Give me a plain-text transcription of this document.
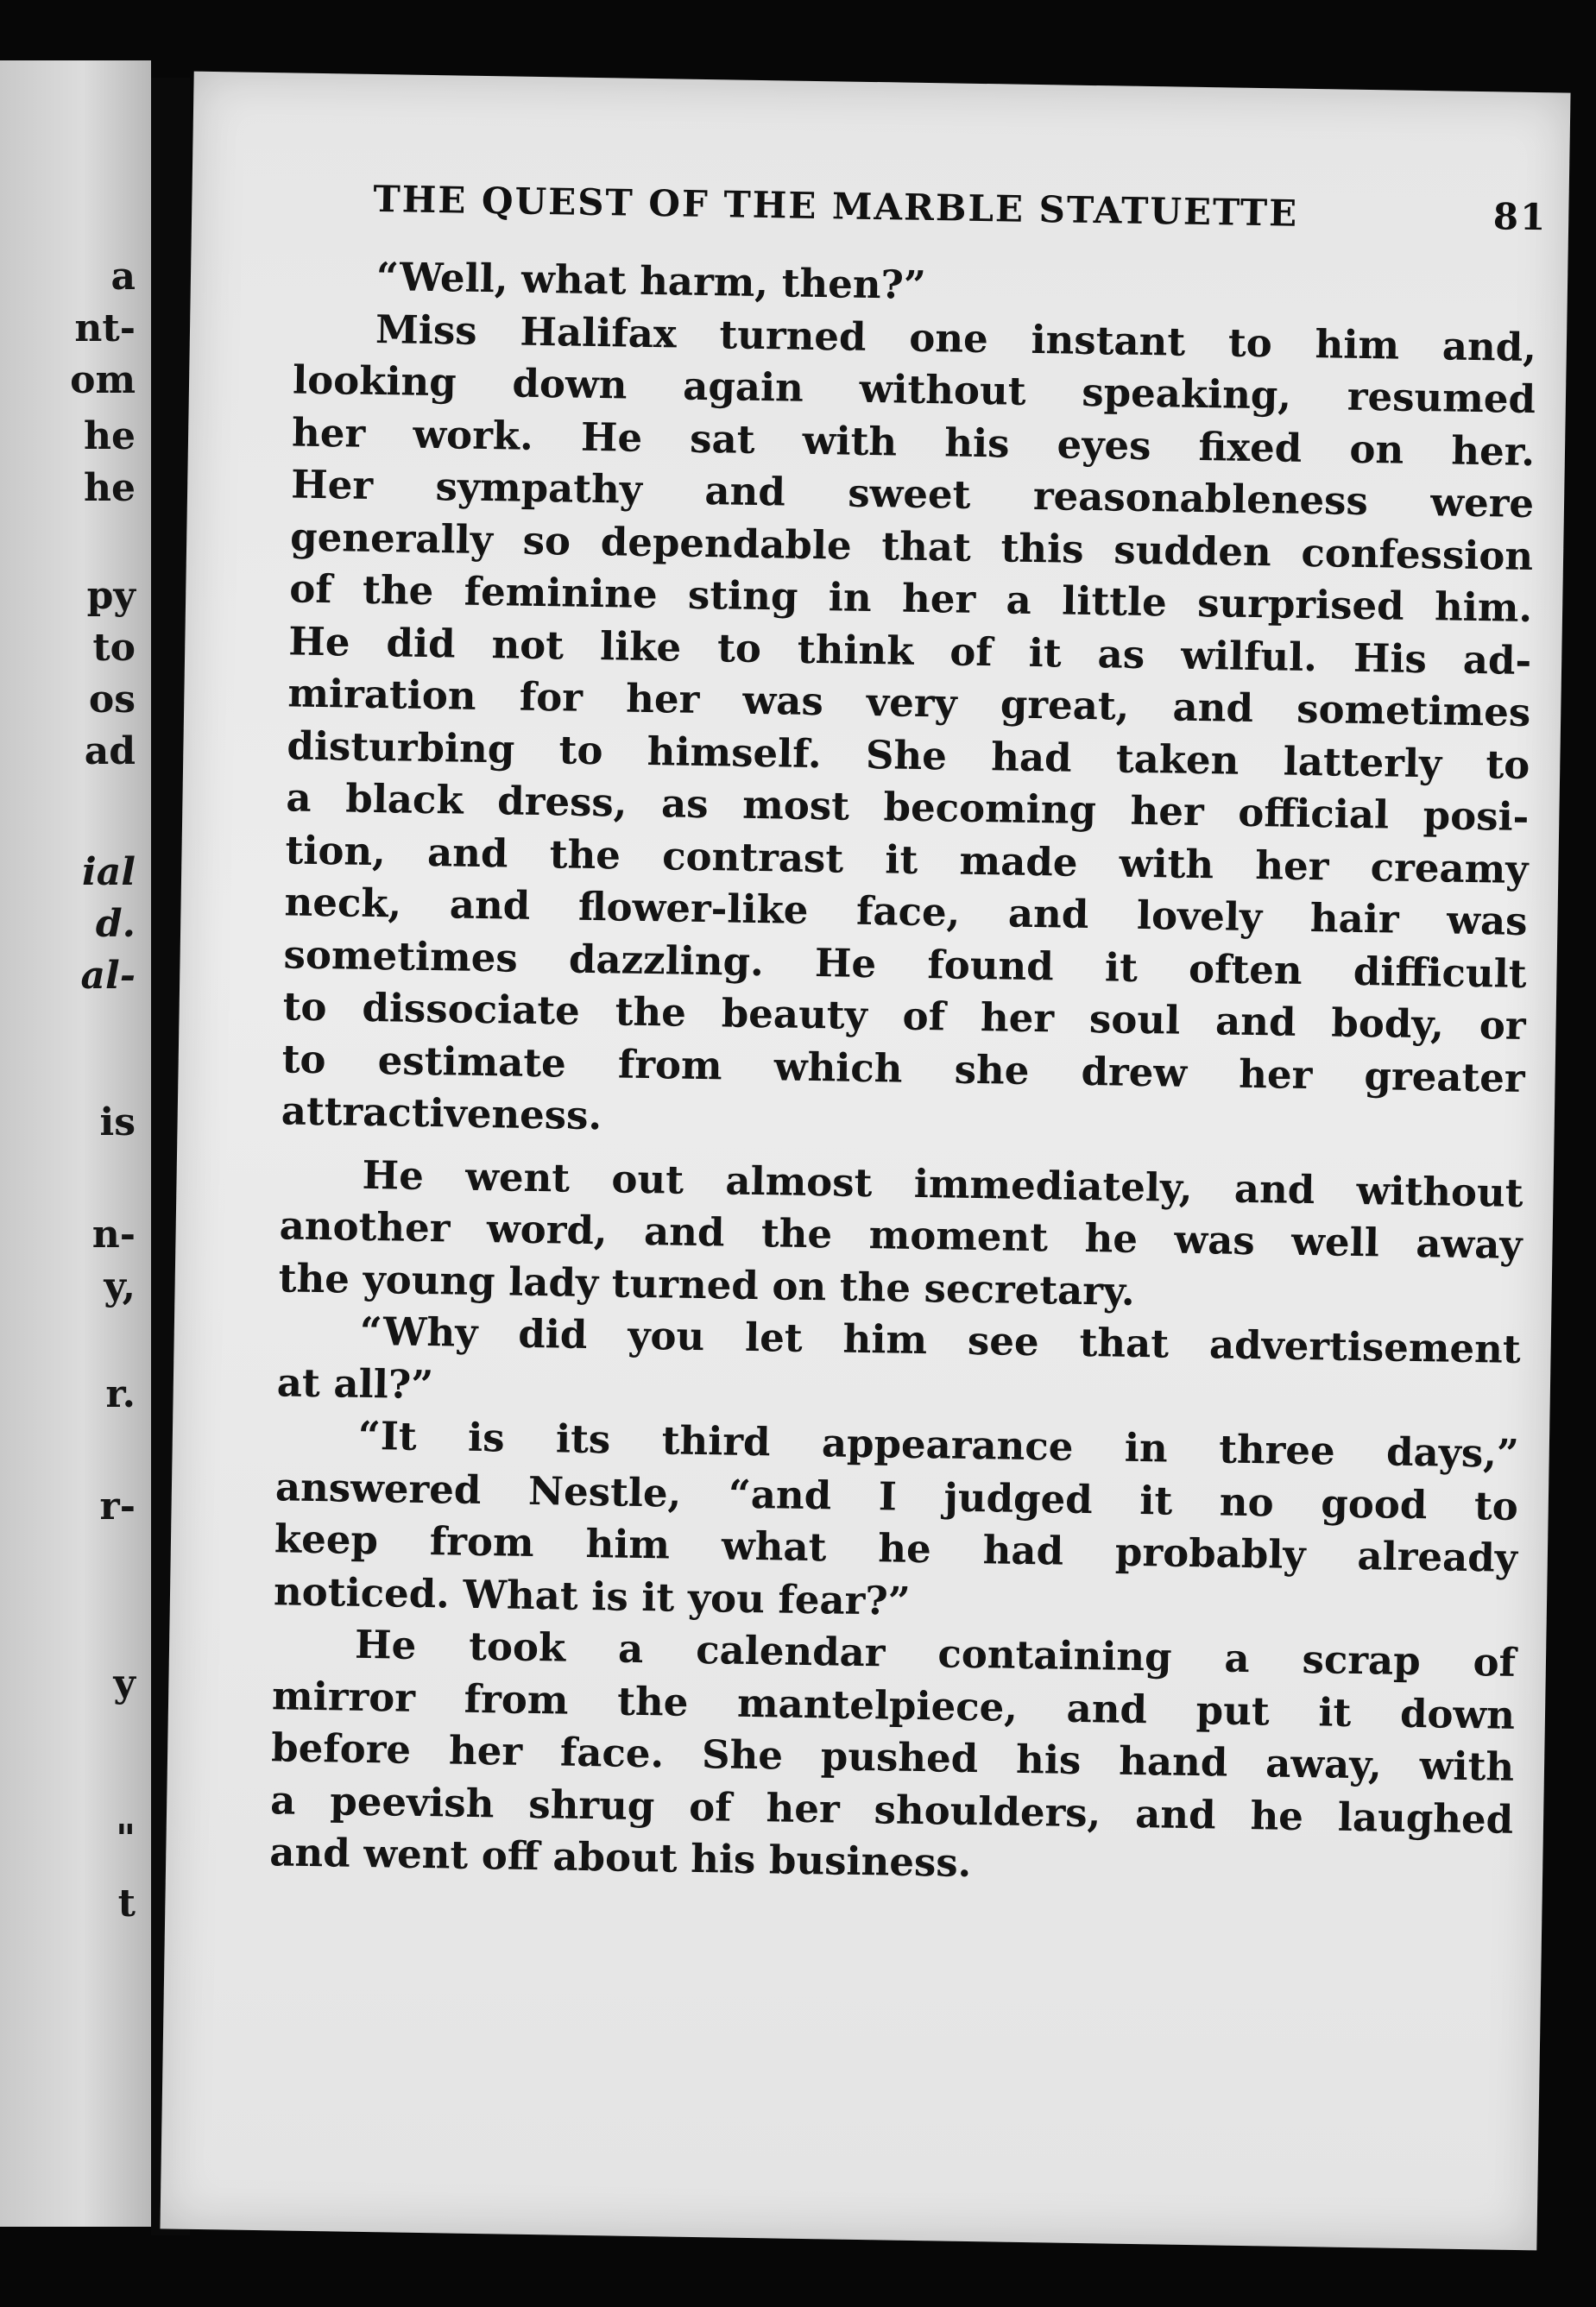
a
nt-
om
he
he
py
to
os
ad
ial
d.
al-
is
n-
y,
r.
r-
y
"
t
THE QUEST OF THE MARBLE STATUETTE	81
“Well, what harm, then?”
Miss Halifax turned one instant to him and,
looking down again without speaking, resumed
her work. He sat with his eyes fixed on her.
Her sympathy and sweet reasonableness were
generally so dependable that this sudden confession
of the feminine sting in her a little surprised him.
He did not like to think of it as wilful. His ad-
miration for her was very great, and sometimes
disturbing to himself. She had taken latterly to
a black dress, as most becoming her official posi-
tion, and the contrast it made with her creamy
neck, and flower-like face, and lovely hair was
sometimes dazzling. He found it often difficult
to dissociate the beauty of her soul and body, or
to estimate from which she drew her greater
attractiveness.
He went out almost immediately, and without
another word, and the moment he was well away
the young lady turned on the secretary.
“Why did you let him see that advertisement
at all?”
“It is its third appearance in three days,”
answered Nestle, “and I judged it no good to
keep from him what he had probably already
noticed. What is it you fear?”
He took a calendar containing a scrap of
mirror from the mantelpiece, and put it down
before her face. She pushed his hand away, with
a peevish shrug of her shoulders, and he laughed
and went off about his business.
